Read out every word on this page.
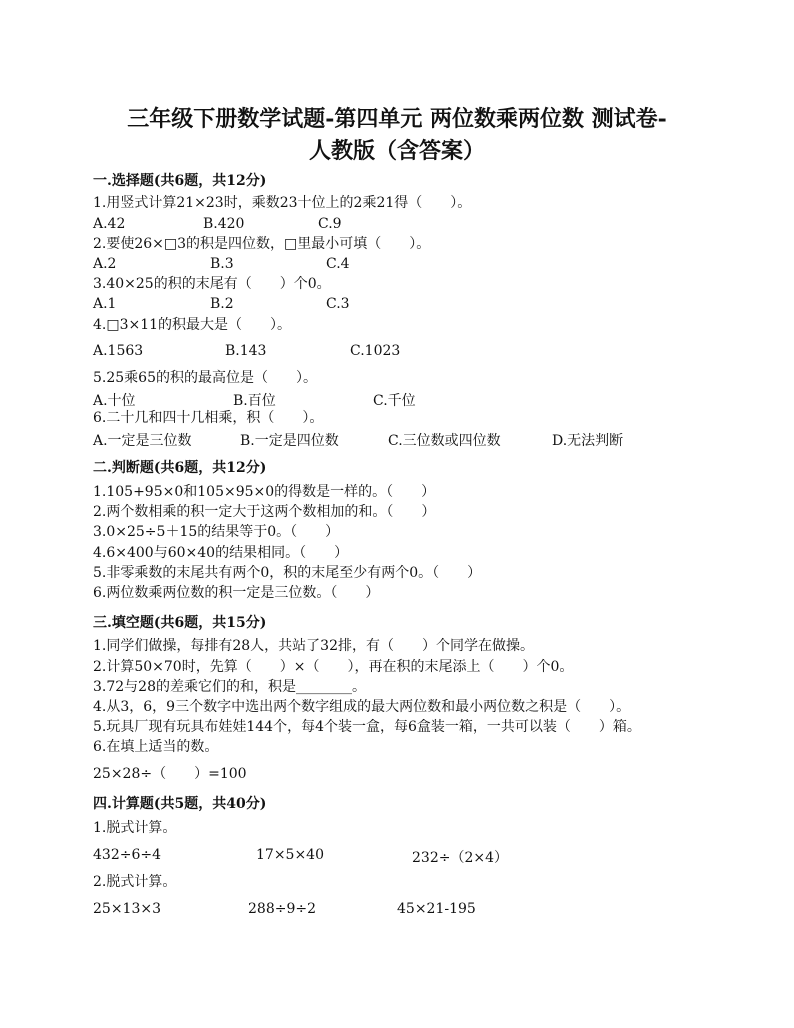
三年级下册数学试题-第四单元 两位数乘两位数 测试卷-
人教版（含答案）
一.选择题(共6题，共12分)
1.用竖式计算21×23时，乘数23十位上的2乘21得（　　）。
A.42	B.420	C.9
2.要使26×□3的积是四位数，□里最小可填（　　）。
A.2	B.3	C.4
3.40×25的积的末尾有（　　）个0。
A.1	B.2	C.3
4.□3×11的积最大是（　　）。
A.1563	B.143	C.1023
5.25乘65的积的最高位是（　　）。
A.十位	B.百位	C.千位
6.二十几和四十几相乘，积（　　）。
A.一定是三位数	B.一定是四位数	C.三位数或四位数	D.无法判断
二.判断题(共6题，共12分)
1.105+95×0和105×95×0的得数是一样的。（　　）
2.两个数相乘的积一定大于这两个数相加的和。（　　）
3.0×25÷5＋15的结果等于0。（　　）
4.6×400与60×40的结果相同。（　　）
5.非零乘数的末尾共有两个0，积的末尾至少有两个0。（　　）
6.两位数乘两位数的积一定是三位数。（　　）
三.填空题(共6题，共15分)
1.同学们做操，每排有28人，共站了32排，有（　　）个同学在做操。
2.计算50×70时，先算（　　）×（　　），再在积的末尾添上（　　）个0。
3.72与28的差乘它们的和，积是________。
4.从3，6，9三个数字中选出两个数字组成的最大两位数和最小两位数之积是（　　）。
5.玩具厂现有玩具布娃娃144个，每4个装一盒，每6盒装一箱，一共可以装（　　）箱。
6.在填上适当的数。
25×28÷（　　）=100
四.计算题(共5题，共40分)
1.脱式计算。
432÷6÷4	17×5×40	232÷（2×4）
2.脱式计算。
25×13×3	288÷9÷2	45×21-195
